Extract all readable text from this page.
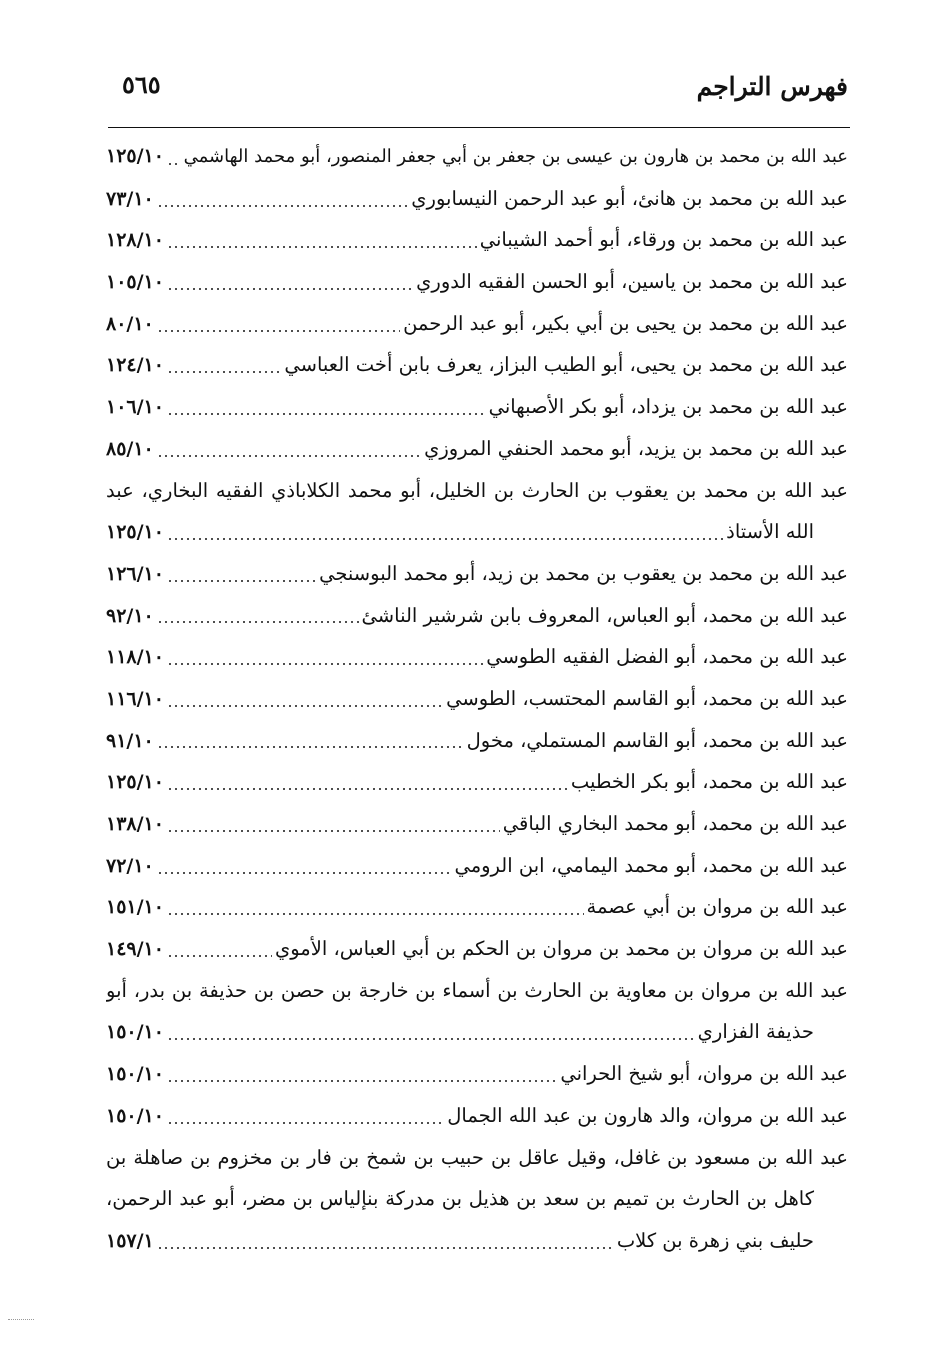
فهرس التراجم
٥٦٥
عبد الله بن محمد بن هارون بن عيسى بن جعفر بن أبي جعفر المنصور، أبو محمد الهاشمي
١٢٥/١٠
عبد الله بن محمد بن هانئ، أبو عبد الرحمن النيسابوري
٧٣/١٠
عبد الله بن محمد بن ورقاء، أبو أحمد الشيباني
١٢٨/١٠
عبد الله بن محمد بن ياسين، أبو الحسن الفقيه الدوري
١٠٥/١٠
عبد الله بن محمد بن يحيى بن أبي بكير، أبو عبد الرحمن
٨٠/١٠
عبد الله بن محمد بن يحيى، أبو الطيب البزاز، يعرف بابن أخت العباسي
١٢٤/١٠
عبد الله بن محمد بن يزداد، أبو بكر الأصبهاني
١٠٦/١٠
عبد الله بن محمد بن يزيد، أبو محمد الحنفي المروزي
٨٥/١٠
عبد الله بن محمد بن يعقوب بن الحارث بن الخليل، أبو محمد الكلاباذي الفقيه البخاري، عبد
الله الأستاذ
١٢٥/١٠
عبد الله بن محمد بن يعقوب بن محمد بن زيد، أبو محمد البوسنجي
١٢٦/١٠
عبد الله بن محمد، أبو العباس، المعروف بابن شرشير الناشئ
٩٢/١٠
عبد الله بن محمد، أبو الفضل الفقيه الطوسي
١١٨/١٠
عبد الله بن محمد، أبو القاسم المحتسب، الطوسي
١١٦/١٠
عبد الله بن محمد، أبو القاسم المستملي، مخول
٩١/١٠
عبد الله بن محمد، أبو بكر الخطيب
١٢٥/١٠
عبد الله بن محمد، أبو محمد البخاري الباقي
١٣٨/١٠
عبد الله بن محمد، أبو محمد اليمامي، ابن الرومي
٧٢/١٠
عبد الله بن مروان بن أبي عصمة
١٥١/١٠
عبد الله بن مروان بن محمد بن مروان بن الحكم بن أبي العباس، الأموي
١٤٩/١٠
عبد الله بن مروان بن معاوية بن الحارث بن أسماء بن خارجة بن حصن بن حذيفة بن بدر، أبو
حذيفة الفزاري
١٥٠/١٠
عبد الله بن مروان، أبو شيخ الحراني
١٥٠/١٠
عبد الله بن مروان، والد هارون بن عبد الله الجمال
١٥٠/١٠
عبد الله بن مسعود بن غافل، وقيل عاقل بن حبيب بن شمخ بن فار بن مخزوم بن صاهلة بن
كاهل بن الحارث بن تميم بن سعد بن هذيل بن مدركة بنإلياس بن مضر، أبو عبد الرحمن،
حليف بني زهرة بن كلاب
١٥٧/١
